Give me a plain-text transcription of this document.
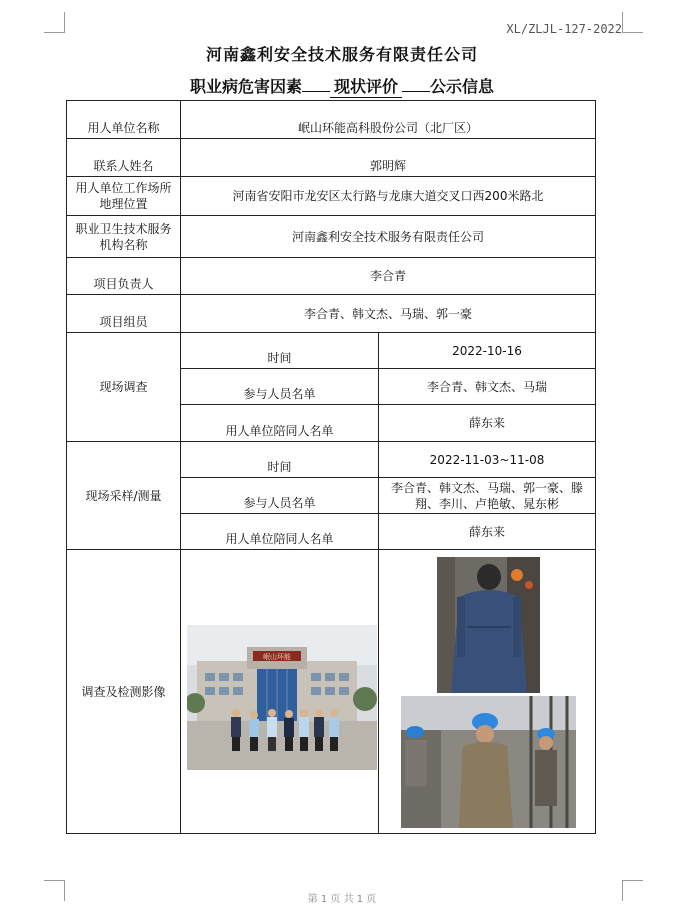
XL/ZLJL-127-2022
河南鑫利安全技术服务有限责任公司
职业病危害因素 现状评价 公示信息
用人单位名称	岷山环能高科股份公司（北厂区）	
联系人姓名	郭明辉	
用人单位工作场所地理位置	河南省安阳市龙安区太行路与龙康大道交叉口西200米路北	
职业卫生技术服务机构名称	河南鑫利安全技术服务有限责任公司	
项目负责人	李合青	
项目组员	李合青、韩文杰、马瑞、郭一豪	
现场调查	时间	2022-10-16
	参与人员名单	李合青、韩文杰、马瑞
	用人单位陪同人名单	薛东来
现场采样/测量	时间	2022-11-03~11-08
	参与人员名单	李合青、韩文杰、马瑞、郭一豪、滕翔、李川、卢艳敏、晁东彬
	用人单位陪同人名单	薛东来
调查及检测影像		
岷山环能
第 1 页 共 1 页
